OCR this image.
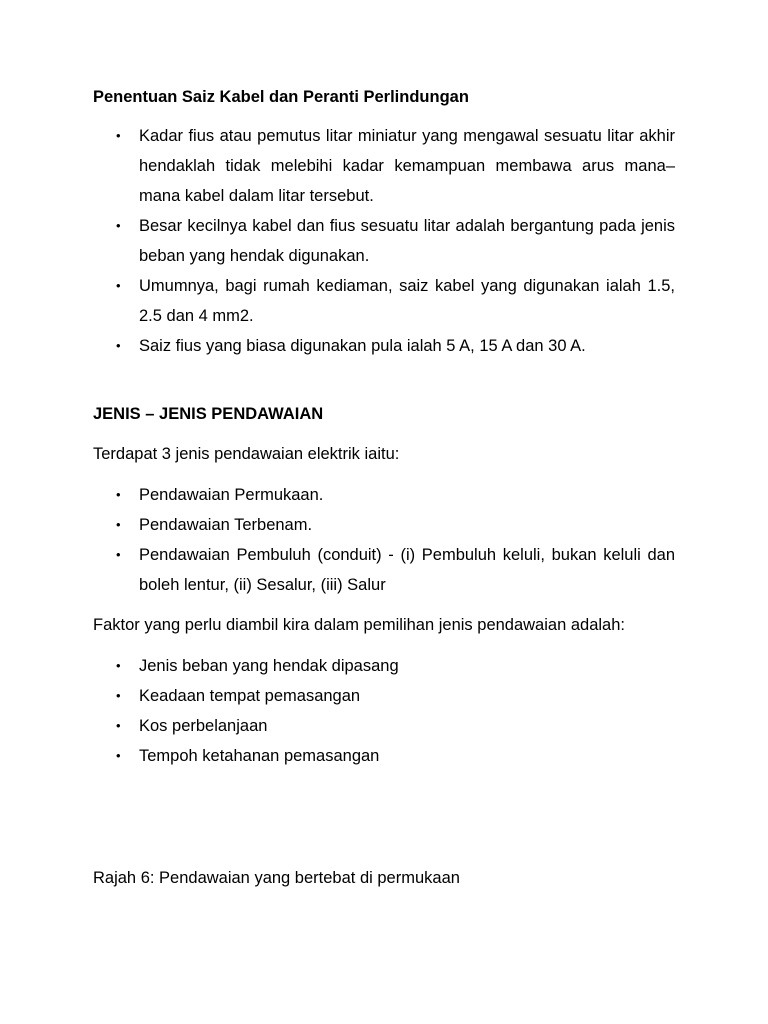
Penentuan Saiz Kabel dan Peranti Perlindungan

• Kadar fius atau pemutus litar miniatur yang mengawal sesuatu litar akhir hendaklah tidak melebihi kadar kemampuan membawa arus mana–mana kabel dalam litar tersebut.
• Besar kecilnya kabel dan fius sesuatu litar adalah bergantung pada jenis beban yang hendak digunakan.
• Umumnya, bagi rumah kediaman, saiz kabel yang digunakan ialah 1.5, 2.5 dan 4 mm2.
• Saiz fius yang biasa digunakan pula ialah 5 A, 15 A dan 30 A.

JENIS – JENIS PENDAWAIAN

Terdapat 3 jenis pendawaian elektrik iaitu:

• Pendawaian Permukaan.
• Pendawaian Terbenam.
• Pendawaian Pembuluh (conduit) - (i) Pembuluh keluli, bukan keluli dan boleh lentur, (ii) Sesalur, (iii) Salur

Faktor yang perlu diambil kira dalam pemilihan jenis pendawaian adalah:

• Jenis beban yang hendak dipasang
• Keadaan tempat pemasangan
• Kos perbelanjaan
• Tempoh ketahanan pemasangan

Rajah 6: Pendawaian yang bertebat di permukaan
